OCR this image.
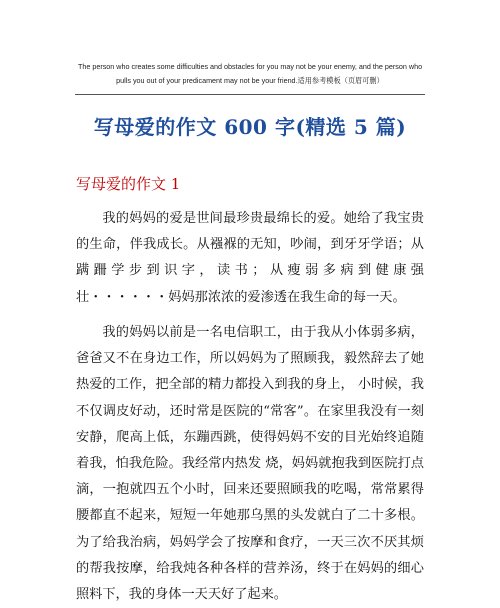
The person who creates some difficulties and obstacles for you may not be your enemy, and the person who
pulls you out of your predicament may not be your friend.适用参考模板（页眉可删）
写母爱的作文 600 字(精选 5 篇)
写母爱的作文 1

我的妈妈的爱是世间最珍贵最绵长的爱。她给了我宝贵的生命，伴我成长。从襁褓的无知，吵闹，到牙牙学语；从蹒跚学步到识字，读书；从瘦弱多病到健康强壮・・・・・・妈妈那浓浓的爱渗透在我生命的每一天。

我的妈妈以前是一名电信职工，由于我从小体弱多病，爸爸又不在身边工作，所以妈妈为了照顾我，毅然辞去了她热爱的工作，把全部的精力都投入到我的身上， 小时候，我不仅调皮好动，还时常是医院的“常客”。在家里我没有一刻安静，爬高上低，东蹦西跳，使得妈妈不安的目光始终追随着我，怕我危险。我经常内热发 烧，妈妈就抱我到医院打点滴，一抱就四五个小时，回来还要照顾我的吃喝，常常累得腰都直不起来，短短一年她那乌黑的头发就白了二十多根。为了给我治病，妈妈学会了按摩和食疗，一天三次不厌其烦的帮我按摩，给我炖各种各样的营养汤，终于在妈妈的细心照料下，我的身体一天天好了起来。
